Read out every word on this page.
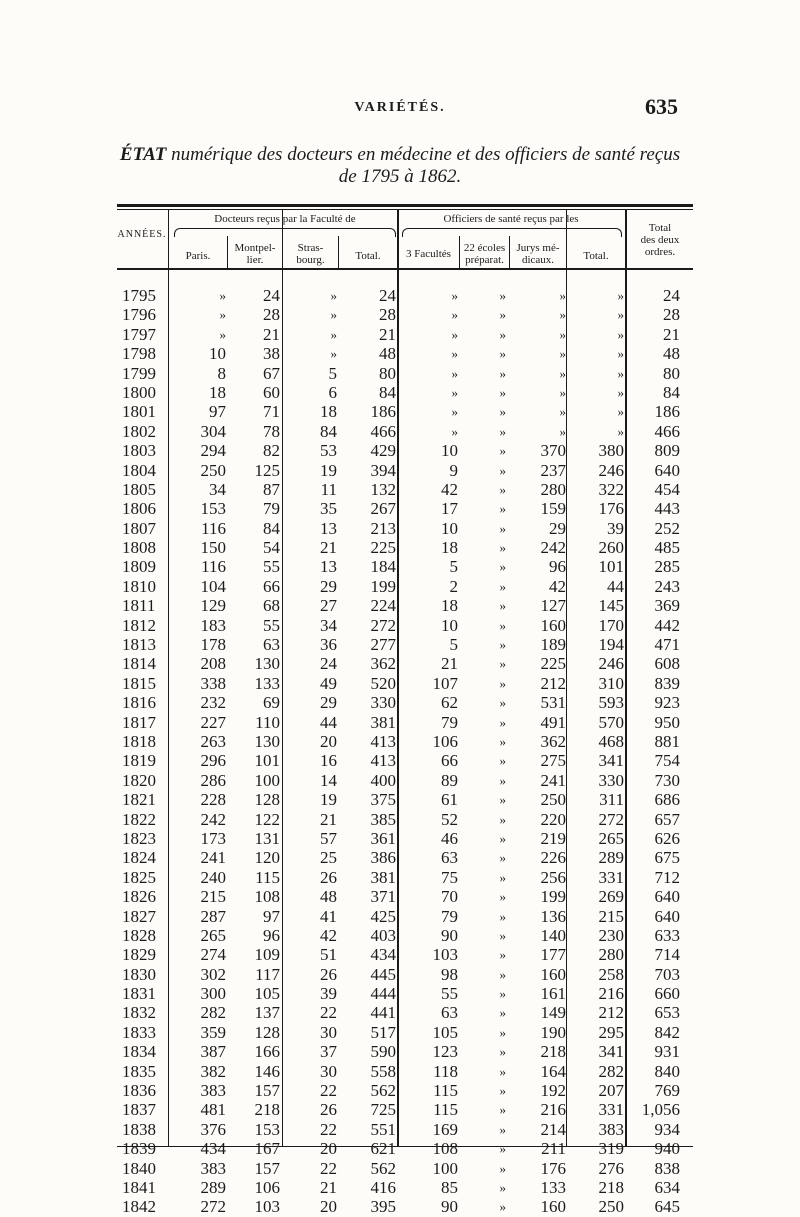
VARIÉTÉS.	635
ÉTAT numérique des docteurs en médecine et des officiers de santé reçus
de 1795 à 1862.
ANNÉES.
Docteurs reçus par la Faculté de
Paris.
Montpel-
lier.
Stras-
bourg.	Total.
Officiers de santé reçus par les
3 Facultés	22 écoles
préparat.
Jurys mé-
dicaux.	Total.
Total
des deux
ordres.
1795	»	24	»	24	»	»	»	»	24
1796	»	28	»	28	»	»	»	»	28
1797	»	21	»	21	»	»	»	»	21
1798	10	38	»	48	»	»	»	»	48
1799	8	67	5	80	»	»	»	»	80
1800	18	60	6	84	»	»	»	»	84
1801	97	71	18	186	»	»	»	»	186
1802	304	78	84	466	»	»	»	»	466
1803	294	82	53	429	10	»	370	380	809
1804	250	125	19	394	9	»	237	246	640
1805	34	87	11	132	42	»	280	322	454
1806	153	79	35	267	17	»	159	176	443
1807	116	84	13	213	10	»	29	39	252
1808	150	54	21	225	18	»	242	260	485
1809	116	55	13	184	5	»	96	101	285
1810	104	66	29	199	2	»	42	44	243
1811	129	68	27	224	18	»	127	145	369
1812	183	55	34	272	10	»	160	170	442
1813	178	63	36	277	5	»	189	194	471
1814	208	130	24	362	21	»	225	246	608
1815	338	133	49	520	107	»	212	310	839
1816	232	69	29	330	62	»	531	593	923
1817	227	110	44	381	79	»	491	570	950
1818	263	130	20	413	106	»	362	468	881
1819	296	101	16	413	66	»	275	341	754
1820	286	100	14	400	89	»	241	330	730
1821	228	128	19	375	61	»	250	311	686
1822	242	122	21	385	52	»	220	272	657
1823	173	131	57	361	46	»	219	265	626
1824	241	120	25	386	63	»	226	289	675
1825	240	115	26	381	75	»	256	331	712
1826	215	108	48	371	70	»	199	269	640
1827	287	97	41	425	79	»	136	215	640
1828	265	96	42	403	90	»	140	230	633
1829	274	109	51	434	103	»	177	280	714
1830	302	117	26	445	98	»	160	258	703
1831	300	105	39	444	55	»	161	216	660
1832	282	137	22	441	63	»	149	212	653
1833	359	128	30	517	105	»	190	295	842
1834	387	166	37	590	123	»	218	341	931
1835	382	146	30	558	118	»	164	282	840
1836	383	157	22	562	115	»	192	207	769
1837	481	218	26	725	115	»	216	331	1,056
1838	376	153	22	551	169	»	214	383	934
1839	434	167	20	621	108	»	211	319	940
1840	383	157	22	562	100	»	176	276	838
1841	289	106	21	416	85	»	133	218	634
1842	272	103	20	395	90	»	160	250	645
